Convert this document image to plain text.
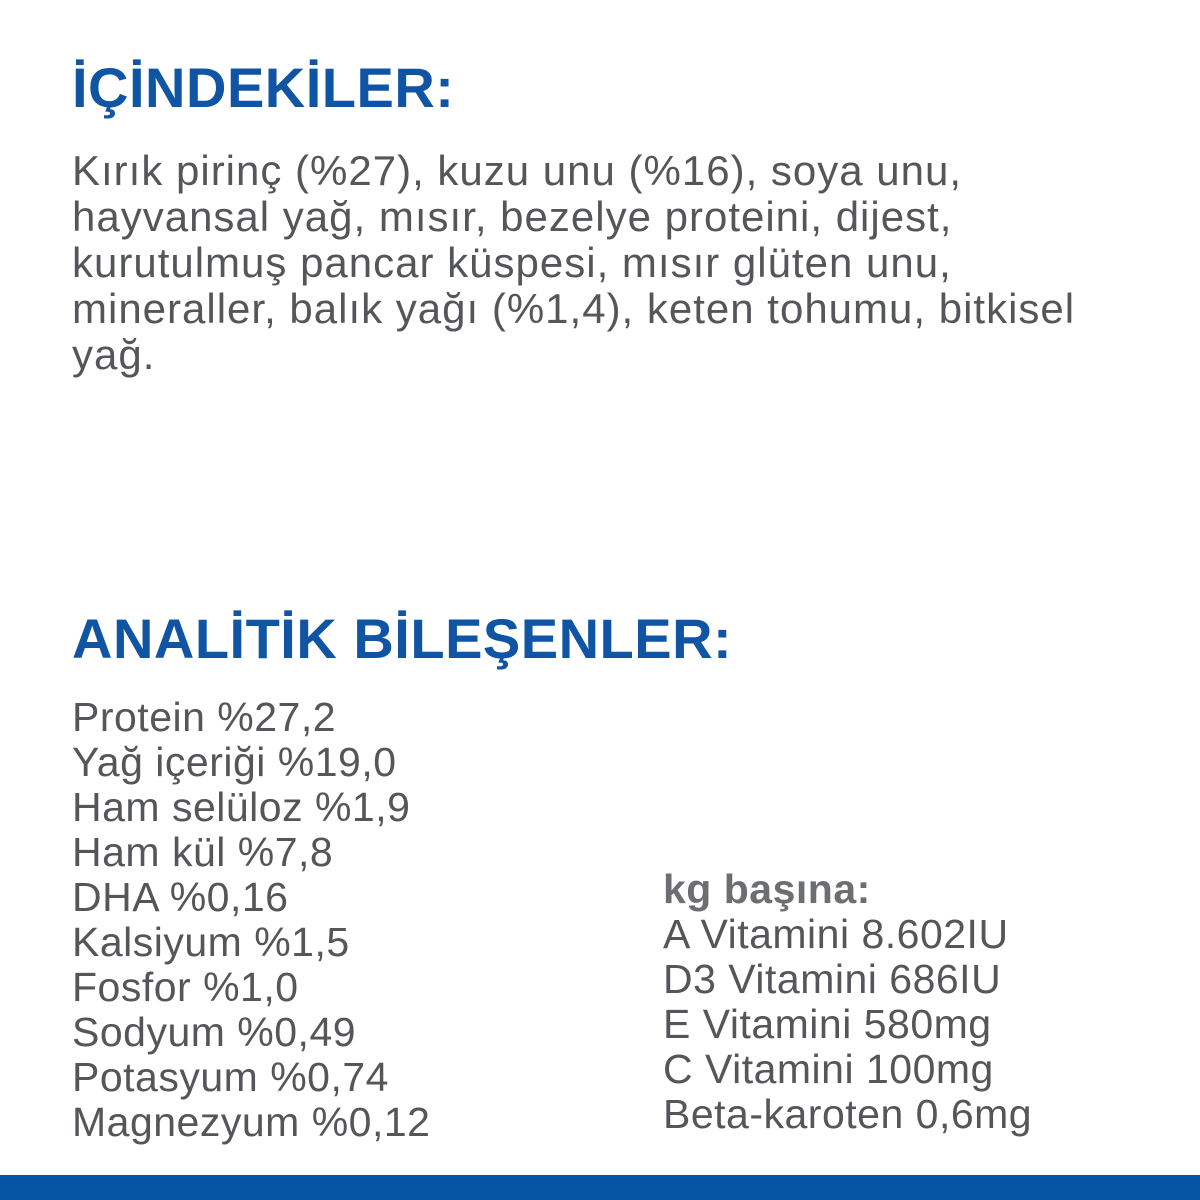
İÇİNDEKİLER:
Kırık pirinç (%27), kuzu unu (%16), soya unu,
hayvansal yağ, mısır, bezelye proteini, dijest,
kurutulmuş pancar küspesi, mısır glüten unu,
mineraller, balık yağı (%1,4), keten tohumu, bitkisel
yağ.
ANALİTİK BİLEŞENLER:
Protein %27,2
Yağ içeriği %19,0
Ham selüloz %1,9
Ham kül %7,8
DHA %0,16
Kalsiyum %1,5
Fosfor %1,0
Sodyum %0,49
Potasyum %0,74
Magnezyum %0,12
kg başına:
A Vitamini 8.602IU
D3 Vitamini 686IU
E Vitamini 580mg
C Vitamini 100mg
Beta-karoten 0,6mg
